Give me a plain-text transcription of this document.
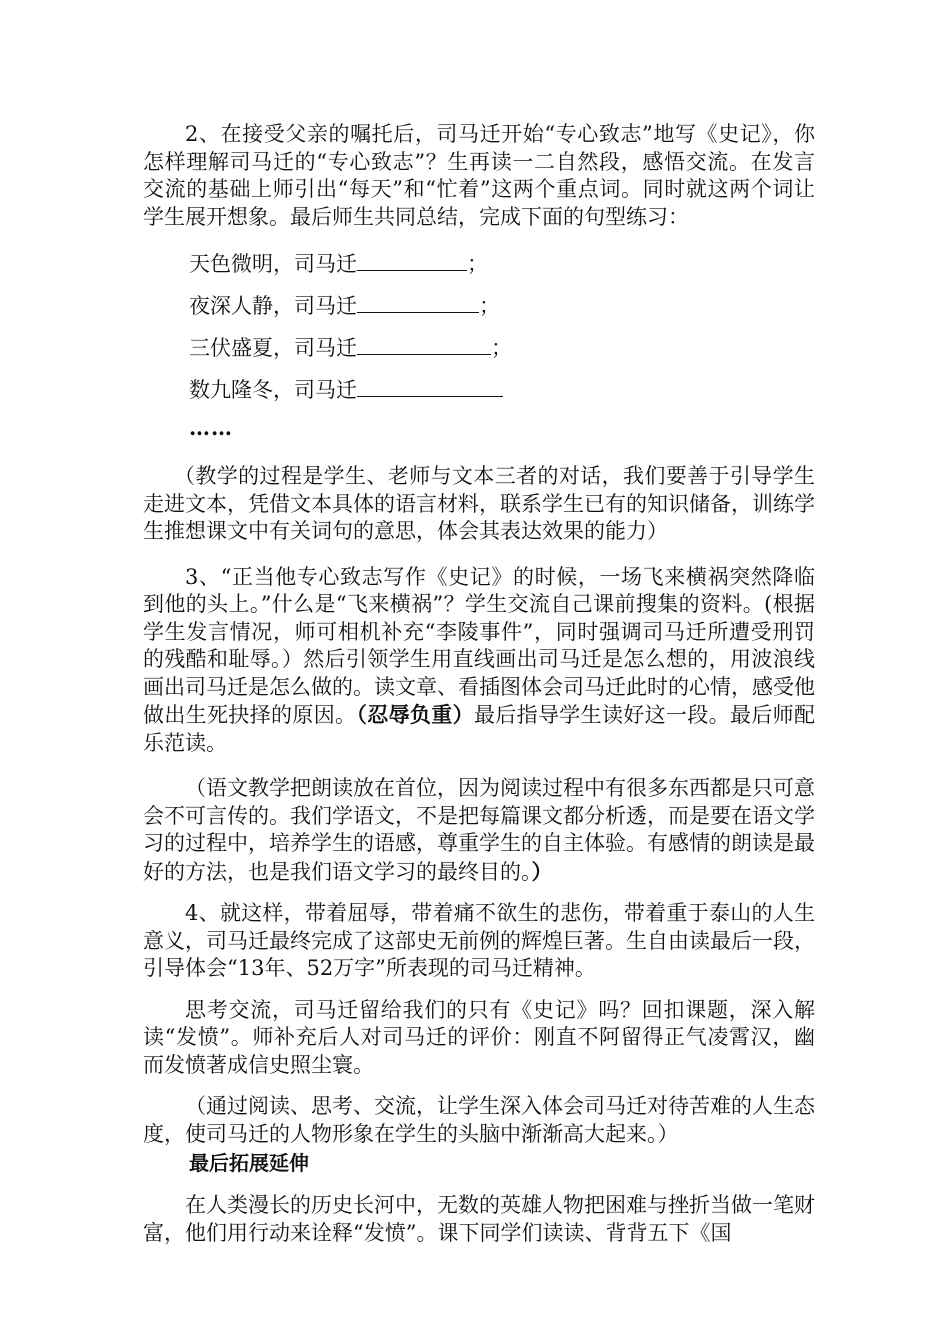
2、在接受父亲的嘱托后，司马迁开始“专心致志”地写《史记》，你怎样理解司马迁的“专心致志”？生再读一二自然段，感悟交流。在发言交流的基础上师引出“每天”和“忙着”这两个重点词。同时就这两个词让学生展开想象。最后师生共同总结，完成下面的句型练习：

天色微明，司马迁	；
夜深人静，司马迁	；
三伏盛夏，司马迁	；
数九隆冬，司马迁
……

（教学的过程是学生、老师与文本三者的对话，我们要善于引导学生走进文本，凭借文本具体的语言材料，联系学生已有的知识储备，训练学生推想课文中有关词句的意思，体会其表达效果的能力）

3、“正当他专心致志写作《史记》的时候，一场飞来横祸突然降临到他的头上。”什么是“飞来横祸”？学生交流自己课前搜集的资料。(根据学生发言情况，师可相机补充“李陵事件”，同时强调司马迁所遭受刑罚的残酷和耻辱。）然后引领学生用直线画出司马迁是怎么想的，用波浪线画出司马迁是怎么做的。读文章、看插图体会司马迁此时的心情，感受他做出生死抉择的原因。（忍辱负重）最后指导学生读好这一段。最后师配乐范读。

（语文教学把朗读放在首位，因为阅读过程中有很多东西都是只可意会不可言传的。我们学语文，不是把每篇课文都分析透，而是要在语文学习的过程中，培养学生的语感，尊重学生的自主体验。有感情的朗读是最好的方法，也是我们语文学习的最终目的。）

4、就这样，带着屈辱，带着痛不欲生的悲伤，带着重于泰山的人生意义，司马迁最终完成了这部史无前例的辉煌巨著。生自由读最后一段，引导体会“13年、52万字”所表现的司马迁精神。

思考交流，司马迁留给我们的只有《史记》吗？回扣课题，深入解读“发愤”。师补充后人对司马迁的评价：刚直不阿留得正气凌霄汉，幽而发愤著成信史照尘寰。

（通过阅读、思考、交流，让学生深入体会司马迁对待苦难的人生态度，使司马迁的人物形象在学生的头脑中渐渐高大起来。）

最后拓展延伸

在人类漫长的历史长河中，无数的英雄人物把困难与挫折当做一笔财富，他们用行动来诠释“发愤”。课下同学们读读、背背五下《国
